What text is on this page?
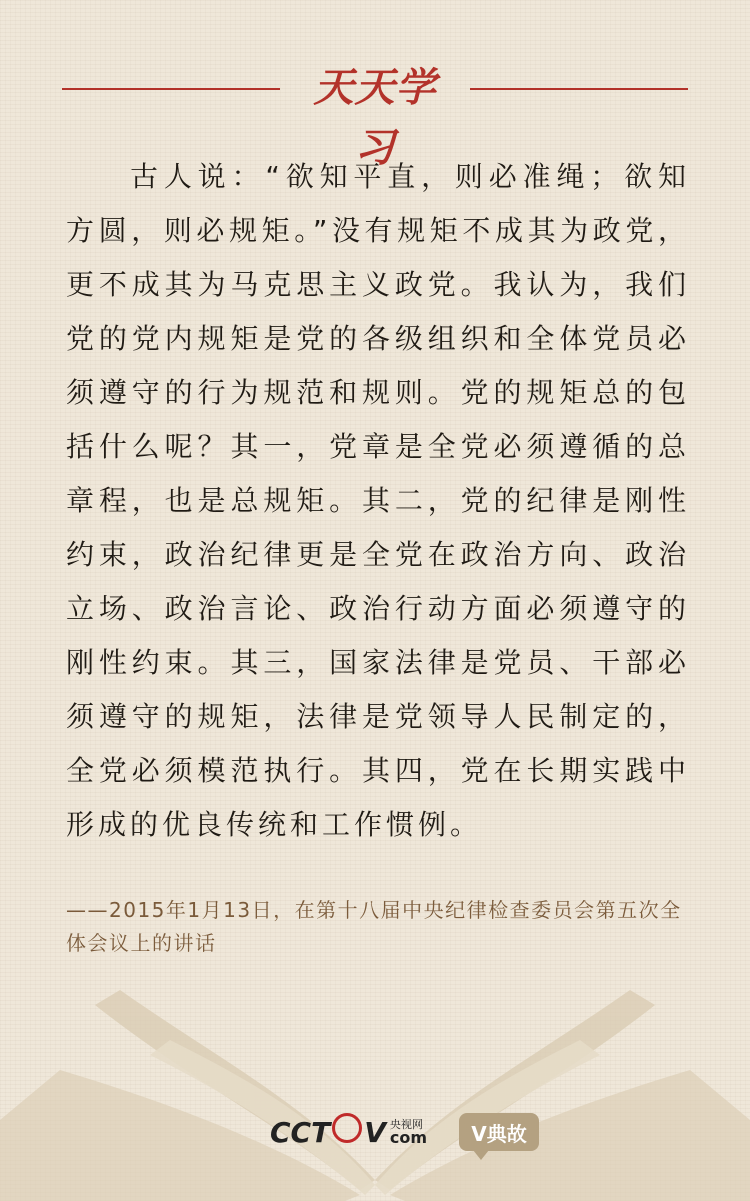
天天学习

古人说：“欲知平直，则必准绳；欲知方圆，则必规矩。”没有规矩不成其为政党，更不成其为马克思主义政党。我认为，我们党的党内规矩是党的各级组织和全体党员必须遵守的行为规范和规则。党的规矩总的包括什么呢？其一，党章是全党必须遵循的总章程，也是总规矩。其二，党的纪律是刚性约束，政治纪律更是全党在政治方向、政治立场、政治言论、政治行动方面必须遵守的刚性约束。其三，国家法律是党员、干部必须遵守的规矩，法律是党领导人民制定的，全党必须模范执行。其四，党在长期实践中形成的优良传统和工作惯例。

——2015年1月13日，在第十八届中央纪律检查委员会第五次全体会议上的讲话

CC T V 央视网
com	V典故
